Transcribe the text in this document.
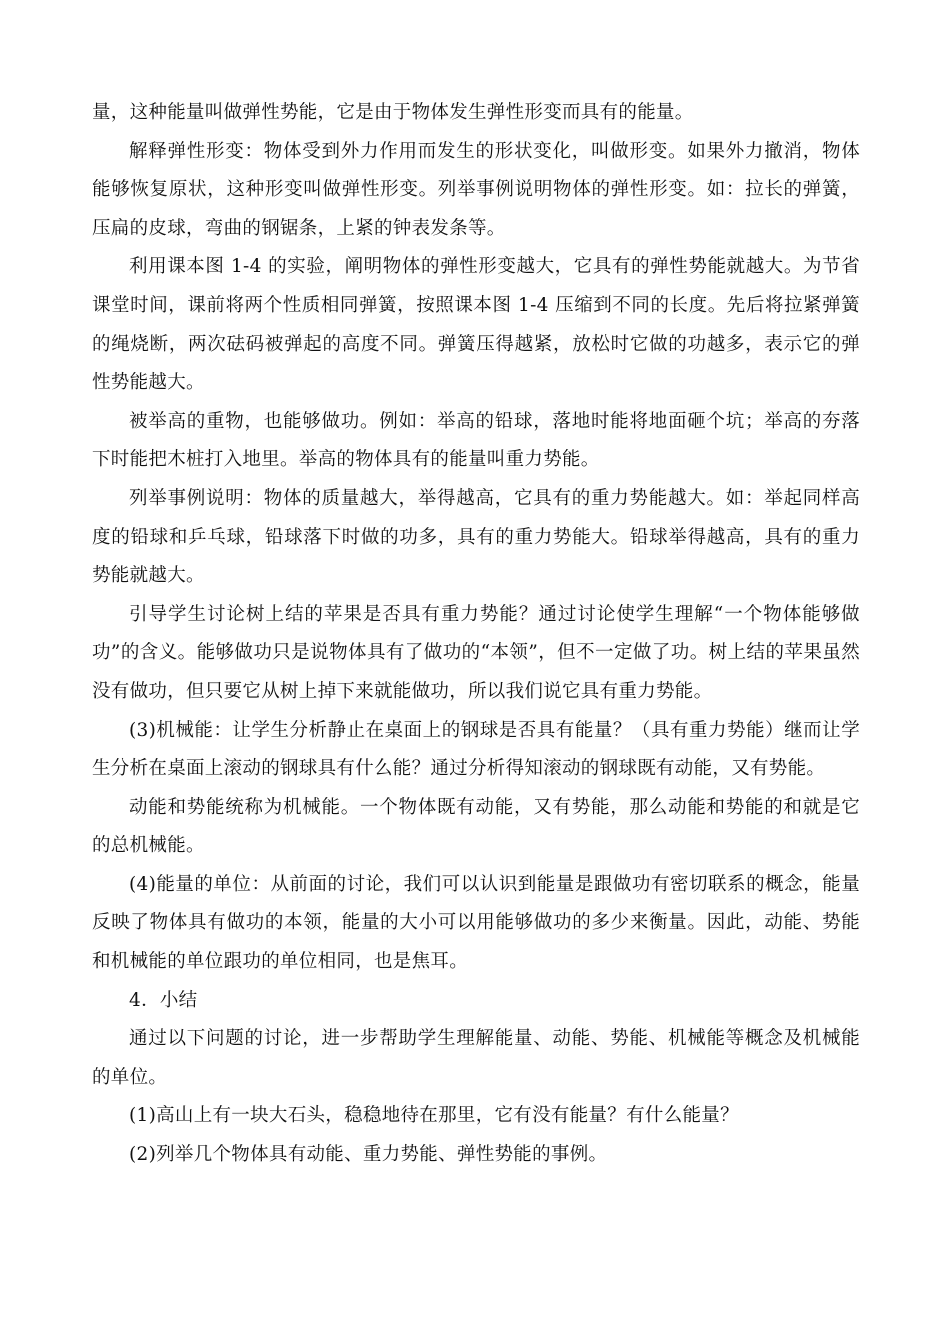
量，这种能量叫做弹性势能，它是由于物体发生弹性形变而具有的能量。

解释弹性形变：物体受到外力作用而发生的形状变化，叫做形变。如果外力撤消，物体能够恢复原状，这种形变叫做弹性形变。列举事例说明物体的弹性形变。如：拉长的弹簧，压扁的皮球，弯曲的钢锯条，上紧的钟表发条等。

利用课本图 1-4 的实验，阐明物体的弹性形变越大，它具有的弹性势能就越大。为节省课堂时间，课前将两个性质相同弹簧，按照课本图 1-4 压缩到不同的长度。先后将拉紧弹簧的绳烧断，两次砝码被弹起的高度不同。弹簧压得越紧，放松时它做的功越多，表示它的弹性势能越大。

被举高的重物，也能够做功。例如：举高的铅球，落地时能将地面砸个坑；举高的夯落下时能把木桩打入地里。举高的物体具有的能量叫重力势能。

列举事例说明：物体的质量越大，举得越高，它具有的重力势能越大。如：举起同样高度的铅球和乒乓球，铅球落下时做的功多，具有的重力势能大。铅球举得越高，具有的重力势能就越大。

引导学生讨论树上结的苹果是否具有重力势能？通过讨论使学生理解“一个物体能够做功”的含义。能够做功只是说物体具有了做功的“本领”，但不一定做了功。树上结的苹果虽然没有做功，但只要它从树上掉下来就能做功，所以我们说它具有重力势能。

(3)机械能：让学生分析静止在桌面上的钢球是否具有能量？（具有重力势能）继而让学生分析在桌面上滚动的钢球具有什么能？通过分析得知滚动的钢球既有动能，又有势能。

动能和势能统称为机械能。一个物体既有动能，又有势能，那么动能和势能的和就是它的总机械能。

(4)能量的单位：从前面的讨论，我们可以认识到能量是跟做功有密切联系的概念，能量反映了物体具有做功的本领，能量的大小可以用能够做功的多少来衡量。因此，动能、势能和机械能的单位跟功的单位相同，也是焦耳。

4．小结

通过以下问题的讨论，进一步帮助学生理解能量、动能、势能、机械能等概念及机械能的单位。

(1)高山上有一块大石头，稳稳地待在那里，它有没有能量？有什么能量？

(2)列举几个物体具有动能、重力势能、弹性势能的事例。
